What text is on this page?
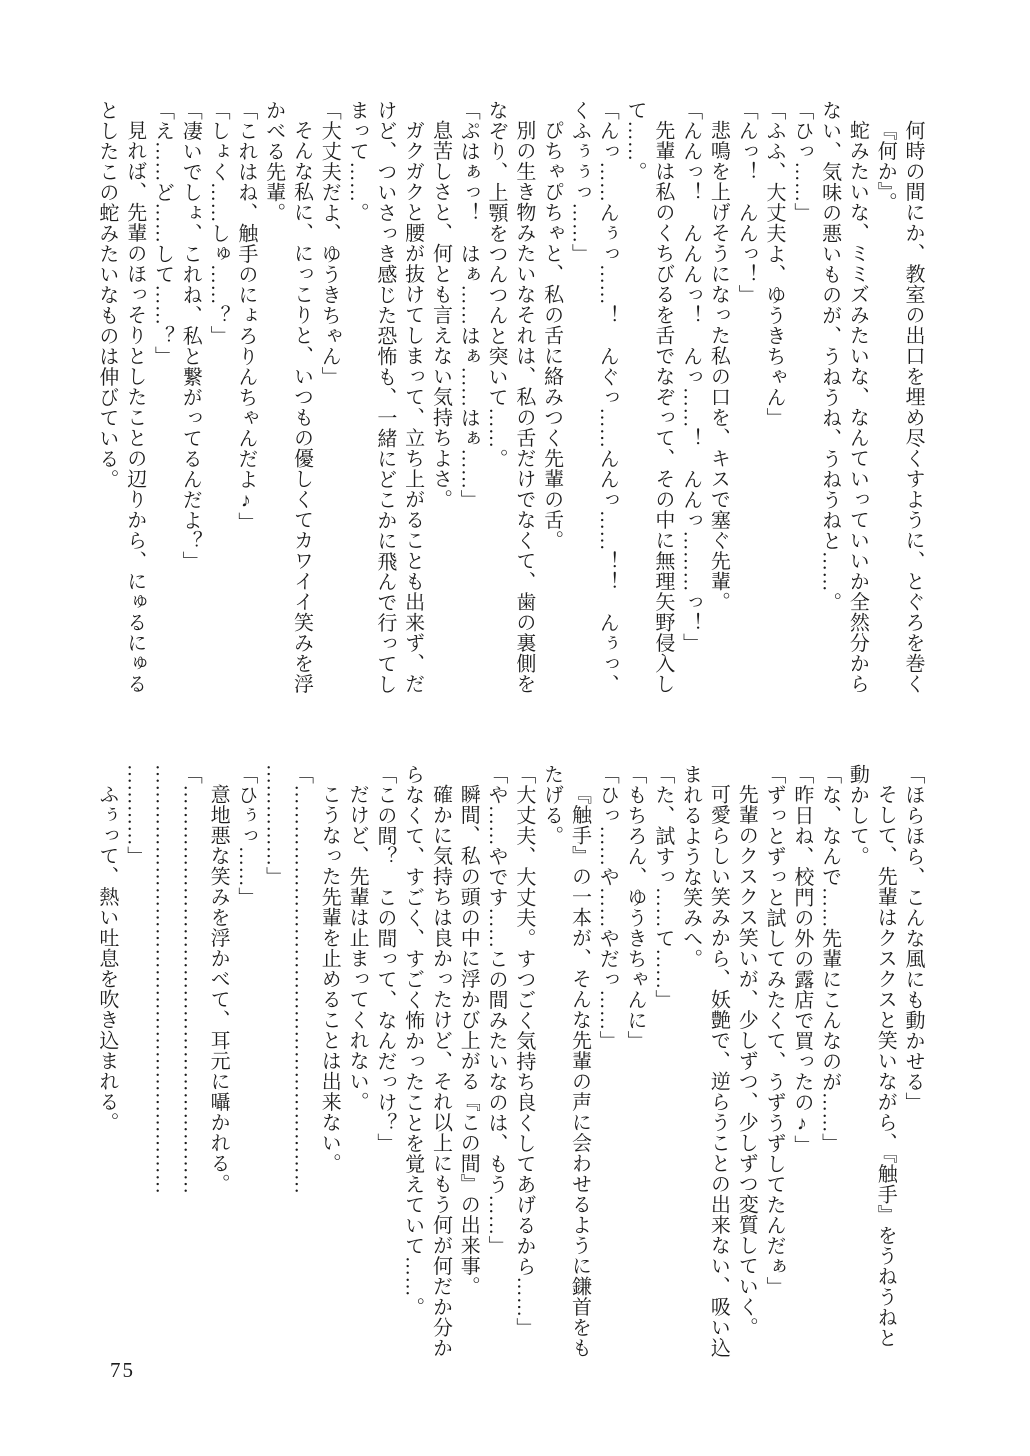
何時の間にか、教室の出口を埋め尽くすように、とぐろを巻く
『何か』。
蛇みたいな、ミミズみたいな、なんていっていいか全然分から
ない、気味の悪いものが、うねうね、うねうねと……。
「ひっ……」
「ふふ、大丈夫よ、ゆうきちゃん」
「んっ！　んんっ！」
悲鳴を上げそうになった私の口を、キスで塞ぐ先輩。
「んんっ！　んんんっ！　んっ……！　んんっ………っ！」
先輩は私のくちびるを舌でなぞって、その中に無理矢野侵入し
て……。
「んっ……んぅっ……！　んぐっ……んんっ……！！　んぅっ、
くふぅぅっ……」
ぴちゃぴちゃと、私の舌に絡みつく先輩の舌。
別の生き物みたいなそれは、私の舌だけでなくて、歯の裏側を
なぞり、上顎をつんつんと突いて……。
「ぷはぁっ！　はぁ……はぁ……はぁ……」
息苦しさと、何とも言えない気持ちよさ。
ガクガクと腰が抜けてしまって、立ち上がることも出来ず、だ
けど、ついさっき感じた恐怖も、一緒にどこかに飛んで行ってし
まって……。
「大丈夫だよ、ゆうきちゃん」
そんな私に、にっこりと、いつもの優しくてカワイイ笑みを浮
かべる先輩。
「これはね、触手のにょろりんちゃんだよ♪」
「しょく……しゅ……？」
「凄いでしょ、これね、私と繋がってるんだよ？」
「え……ど……して……？」
見れば、先輩のほっそりとしたことの辺りから、にゅるにゅる
としたこの蛇みたいなものは伸びている。
「ほらほら、こんな風にも動かせる」
そして、先輩はクスクスと笑いながら、『触手』をうねうねと
動かして。
「な、なんで……先輩にこんなのが……」
「昨日ね、校門の外の露店で買ったの♪」
「ずっとずっと試してみたくて、うずうずしてたんだぁ」
先輩のクスクス笑いが、少しずつ、少しずつ変質していく。
可愛らしい笑みから、妖艶で、逆らうことの出来ない、吸い込
まれるような笑みへ。
「た、試すっ……て……」
「もちろん、ゆうきちゃんに」
「ひっ……や……やだっ……」
『触手』の一本が、そんな先輩の声に会わせるように鎌首をも
たげる。
「大丈夫、大丈夫。すつごく気持ち良くしてあげるから……」
「や……やです……この間みたいなのは、もう……」
瞬間、私の頭の中に浮かび上がる『この間』の出来事。
確かに気持ちは良かったけど、それ以上にもう何が何だか分か
らなくて、すごく、すごく怖かったことを覚えていて……。
「この間？　この間って、なんだっけ？」
だけど、先輩は止まってくれない。
こうなった先輩を止めることは出来ない。
「……………………………………………………
……………」
「ひぅっ……」
意地悪な笑みを浮かべて、耳元に囁かれる。
「……………………………………………………
………………………………………………………
…………」
ふぅって、熱い吐息を吹き込まれる。
75
